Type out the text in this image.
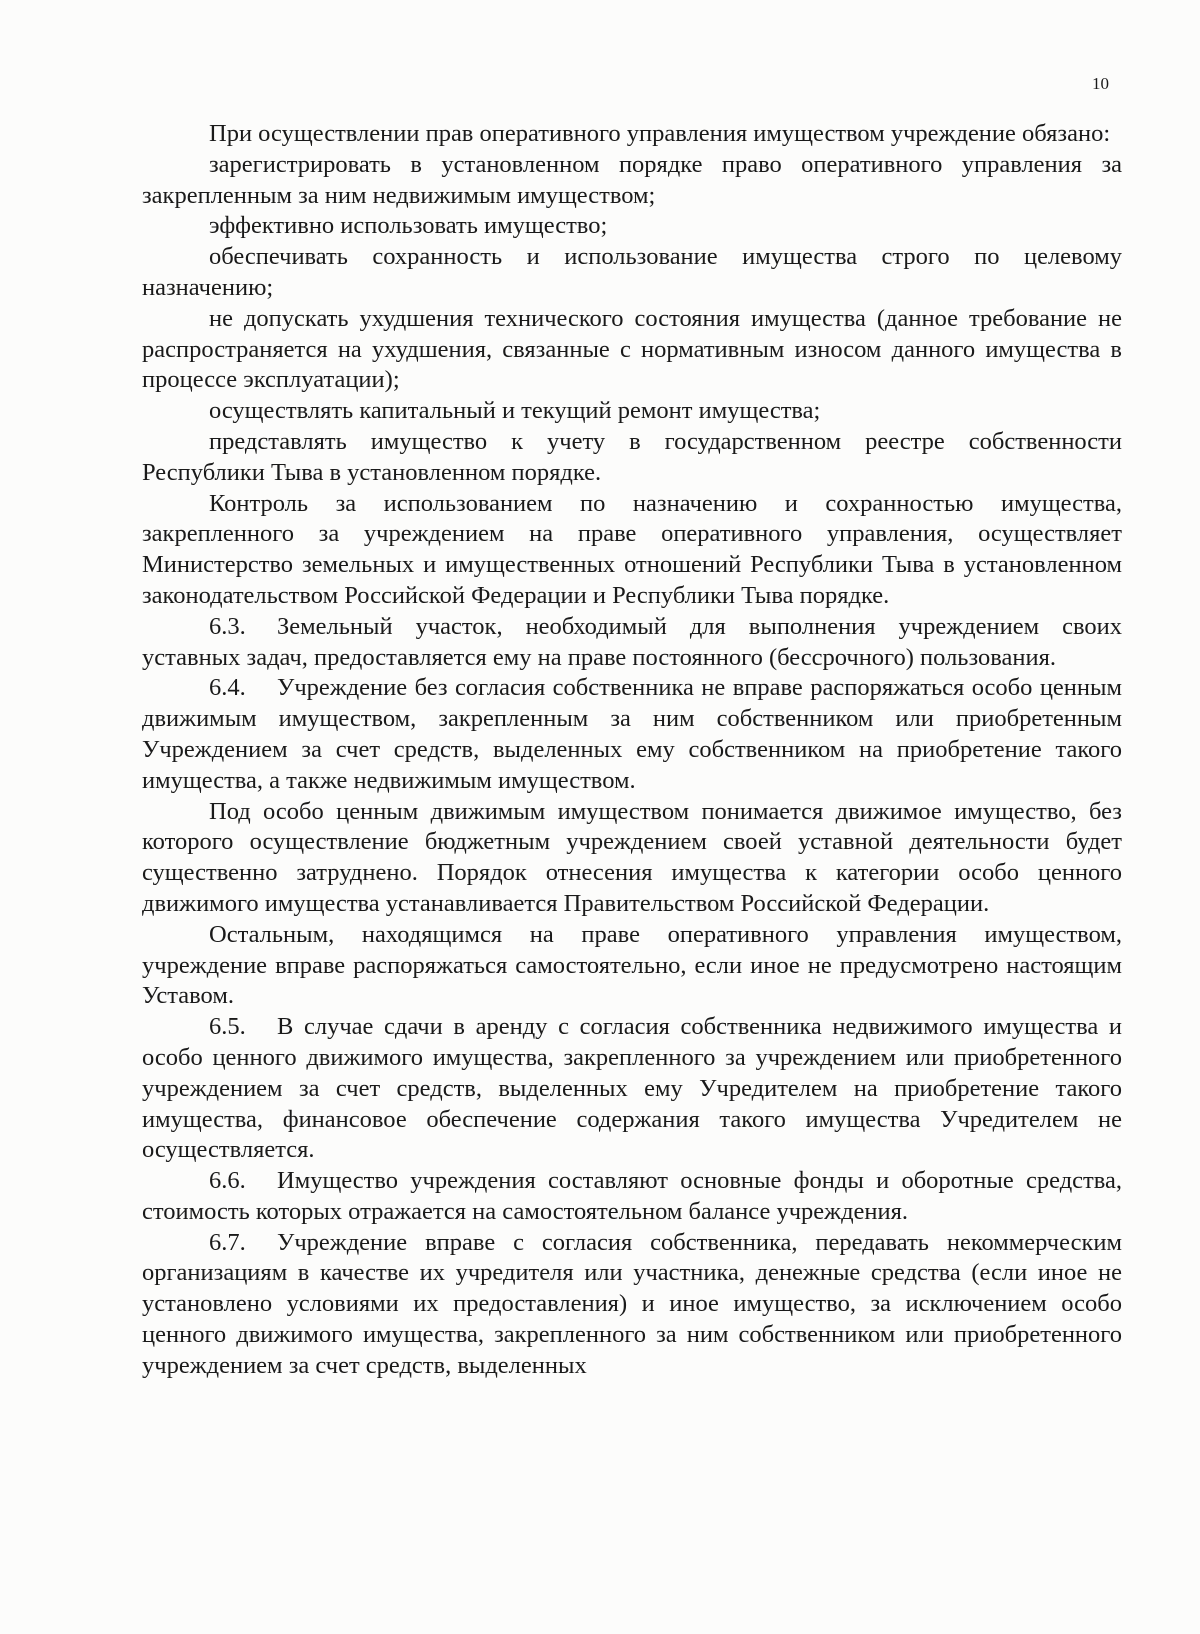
10

При осуществлении прав оперативного управления имуществом учреждение обязано:

зарегистрировать в установленном порядке право оперативного управления за закрепленным за ним недвижимым имуществом;

эффективно использовать имущество;

обеспечивать сохранность и использование имущества строго по целевому назначению;

не допускать ухудшения технического состояния имущества (данное требование не распространяется на ухудшения, связанные с нормативным износом данного имущества в процессе эксплуатации);

осуществлять капитальный и текущий ремонт имущества;

представлять имущество к учету в государственном реестре собственности Республики Тыва в установленном порядке.

Контроль за использованием по назначению и сохранностью имущества, закрепленного за учреждением на праве оперативного управления, осуществляет Министерство земельных и имущественных отношений Республики Тыва в установленном законодательством Российской Федерации и Республики Тыва порядке.

6.3. Земельный участок, необходимый для выполнения учреждением своих уставных задач, предоставляется ему на праве постоянного (бессрочного) пользования.

6.4. Учреждение без согласия собственника не вправе распоряжаться особо ценным движимым имуществом, закрепленным за ним собственником или приобретенным Учреждением за счет средств, выделенных ему собственником на приобретение такого имущества, а также недвижимым имуществом.

Под особо ценным движимым имуществом понимается движимое имущество, без которого осуществление бюджетным учреждением своей уставной деятельности будет существенно затруднено. Порядок отнесения имущества к категории особо ценного движимого имущества устанавливается Правительством Российской Федерации.

Остальным, находящимся на праве оперативного управления имуществом, учреждение вправе распоряжаться самостоятельно, если иное не предусмотрено настоящим Уставом.

6.5. В случае сдачи в аренду с согласия собственника недвижимого имущества и особо ценного движимого имущества, закрепленного за учреждением или приобретенного учреждением за счет средств, выделенных ему Учредителем на приобретение такого имущества, финансовое обеспечение содержания такого имущества Учредителем не осуществляется.

6.6. Имущество учреждения составляют основные фонды и оборотные средства, стоимость которых отражается на самостоятельном балансе учреждения.

6.7. Учреждение вправе с согласия собственника, передавать некоммерческим организациям в качестве их учредителя или участника, денежные средства (если иное не установлено условиями их предоставления) и иное имущество, за исключением особо ценного движимого имущества, закрепленного за ним собственником или приобретенного учреждением за счет средств, выделенных
